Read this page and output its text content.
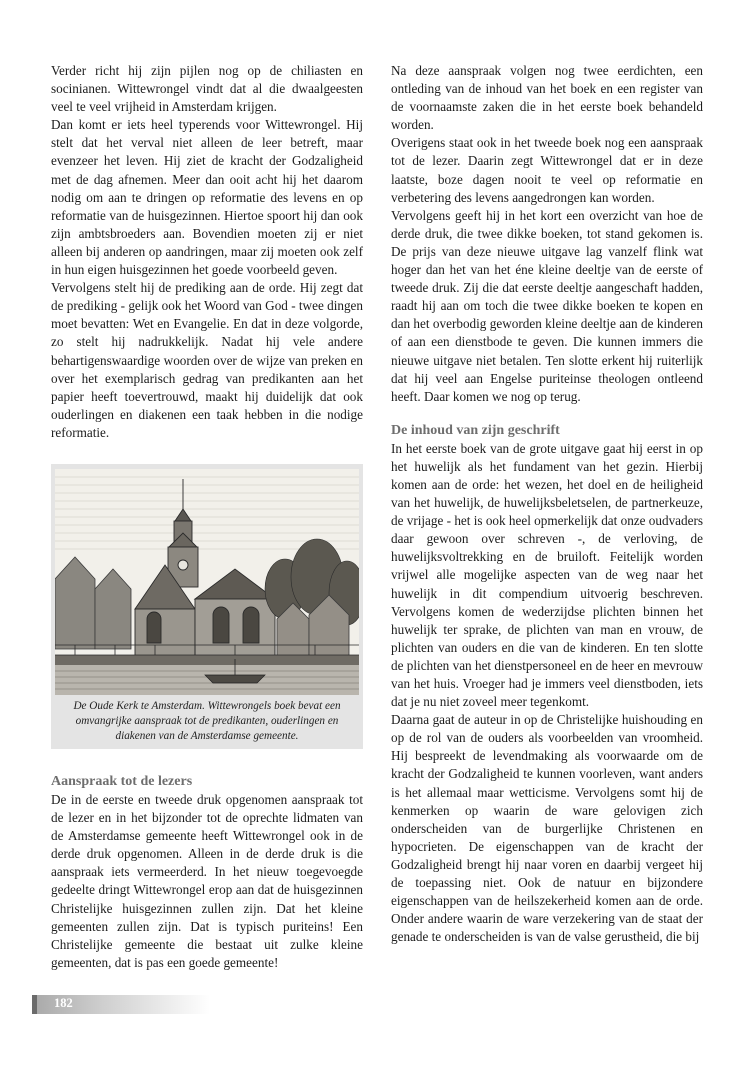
Verder richt hij zijn pijlen nog op de chiliasten en socinianen. Wittewrongel vindt dat al die dwaalgeesten veel te veel vrijheid in Amsterdam krijgen.

Dan komt er iets heel typerends voor Wittewrongel. Hij stelt dat het verval niet alleen de leer betreft, maar evenzeer het leven. Hij ziet de kracht der Godzaligheid met de dag afnemen. Meer dan ooit acht hij het daarom nodig om aan te dringen op reformatie des levens en op reformatie van de huisgezinnen. Hiertoe spoort hij dan ook zijn ambtsbroeders aan. Bovendien moeten zij er niet alleen bij anderen op aandringen, maar zij moeten ook zelf in hun eigen huisgezinnen het goede voorbeeld geven.

Vervolgens stelt hij de prediking aan de orde. Hij zegt dat de prediking - gelijk ook het Woord van God - twee dingen moet bevatten: Wet en Evangelie. En dat in deze volgorde, zo stelt hij nadrukkelijk. Nadat hij vele andere behartigenswaardige woorden over de wijze van preken en over het exemplarisch gedrag van predikanten aan het papier heeft toevertrouwd, maakt hij duidelijk dat ook ouderlingen en diakenen een taak hebben in die nodige reformatie.

De Oude Kerk te Amsterdam. Wittewrongels boek bevat een omvangrijke aanspraak tot de predikanten, ouderlingen en diakenen van de Amsterdamse gemeente.
Aanspraak tot de lezers

De in de eerste en tweede druk opgenomen aanspraak tot de lezer en in het bijzonder tot de oprechte lidmaten van de Amsterdamse gemeente heeft Wittewrongel ook in de derde druk opgenomen. Alleen in de derde druk is die aanspraak iets vermeerderd. In het nieuw toegevoegde gedeelte dringt Wittewrongel erop aan dat de huisgezinnen Christelijke huisgezinnen zullen zijn. Dat het kleine gemeenten zullen zijn. Dat is typisch puriteins! Een Christelijke gemeente die bestaat uit zulke kleine gemeenten, dat is pas een goede gemeente!

Na deze aanspraak volgen nog twee eerdichten, een ontleding van de inhoud van het boek en een register van de voornaamste zaken die in het eerste boek behandeld worden.

Overigens staat ook in het tweede boek nog een aanspraak tot de lezer. Daarin zegt Wittewrongel dat er in deze laatste, boze dagen nooit te veel op reformatie en verbetering des levens aangedrongen kan worden.

Vervolgens geeft hij in het kort een overzicht van hoe de derde druk, die twee dikke boeken, tot stand gekomen is. De prijs van deze nieuwe uitgave lag vanzelf flink wat hoger dan het van het éne kleine deeltje van de eerste of tweede druk. Zij die dat eerste deeltje aangeschaft hadden, raadt hij aan om toch die twee dikke boeken te kopen en dan het overbodig geworden kleine deeltje aan de kinderen of aan een dienstbode te geven. Die kunnen immers die nieuwe uitgave niet betalen. Ten slotte erkent hij ruiterlijk dat hij veel aan Engelse puriteinse theologen ontleend heeft. Daar komen we nog op terug.

De inhoud van zijn geschrift

In het eerste boek van de grote uitgave gaat hij eerst in op het huwelijk als het fundament van het gezin. Hierbij komen aan de orde: het wezen, het doel en de heiligheid van het huwelijk, de huwelijksbeletselen, de partnerkeuze, de vrijage - het is ook heel opmerkelijk dat onze oudvaders daar gewoon over schreven -, de verloving, de huwelijksvoltrekking en de bruiloft. Feitelijk worden vrijwel alle mogelijke aspecten van de weg naar het huwelijk in dit compendium uitvoerig beschreven. Vervolgens komen de wederzijdse plichten binnen het huwelijk ter sprake, de plichten van man en vrouw, de plichten van ouders en die van de kinderen. En ten slotte de plichten van het dienstpersoneel en de heer en mevrouw van het huis. Vroeger had je immers veel dienstboden, iets dat je nu niet zoveel meer tegenkomt.

Daarna gaat de auteur in op de Christelijke huishouding en op de rol van de ouders als voorbeelden van vroomheid. Hij bespreekt de levendmaking als voorwaarde om de kracht der Godzaligheid te kunnen voorleven, want anders is het allemaal maar wetticisme. Vervolgens somt hij de kenmerken op waarin de ware gelovigen zich onderscheiden van de burgerlijke Christenen en hypocrieten. De eigenschappen van de kracht der Godzaligheid brengt hij naar voren en daarbij vergeet hij de toepassing niet. Ook de natuur en bijzondere eigenschappen van de heilszekerheid komen aan de orde. Onder andere waarin de ware verzekering van de staat der genade te onderscheiden is van de valse gerustheid, die bij

182
